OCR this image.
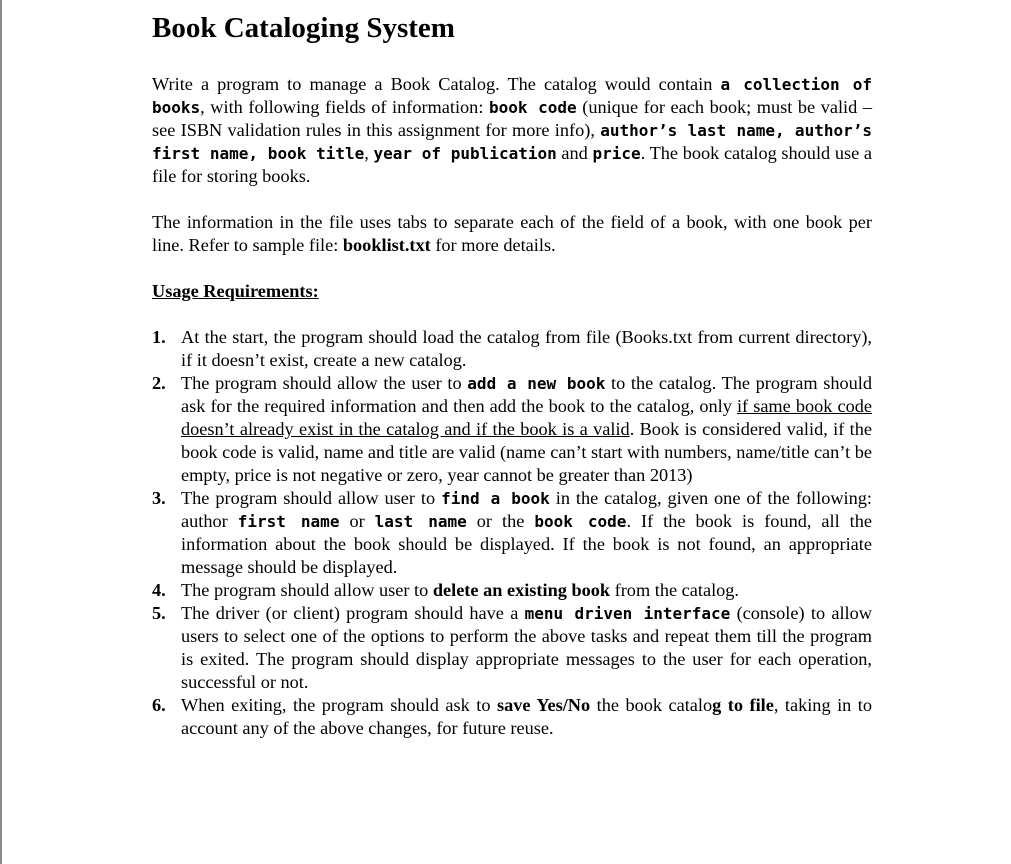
Book Cataloging System

Write a program to manage a Book Catalog. The catalog would contain a collection of books, with following fields of information: book code (unique for each book; must be valid – see ISBN validation rules in this assignment for more info), author’s last name, author’s first name, book title, year of publication and price. The book catalog should use a file for storing books.

The information in the file uses tabs to separate each of the field of a book, with one book per line. Refer to sample file: booklist.txt for more details.

Usage Requirements:

1. At the start, the program should load the catalog from file (Books.txt from current directory), if it doesn’t exist, create a new catalog.
2. The program should allow the user to add a new book to the catalog. The program should ask for the required information and then add the book to the catalog, only if same book code doesn’t already exist in the catalog and if the book is a valid. Book is considered valid, if the book code is valid, name and title are valid (name can’t start with numbers, name/title can’t be empty, price is not negative or zero, year cannot be greater than 2013)
3. The program should allow user to find a book in the catalog, given one of the following: author first name or last name or the book code. If the book is found, all the information about the book should be displayed. If the book is not found, an appropriate message should be displayed.
4. The program should allow user to delete an existing book from the catalog.
5. The driver (or client) program should have a menu driven interface (console) to allow users to select one of the options to perform the above tasks and repeat them till the program is exited. The program should display appropriate messages to the user for each operation, successful or not.
6. When exiting, the program should ask to save Yes/No the book catalog to file, taking in to account any of the above changes, for future reuse.
